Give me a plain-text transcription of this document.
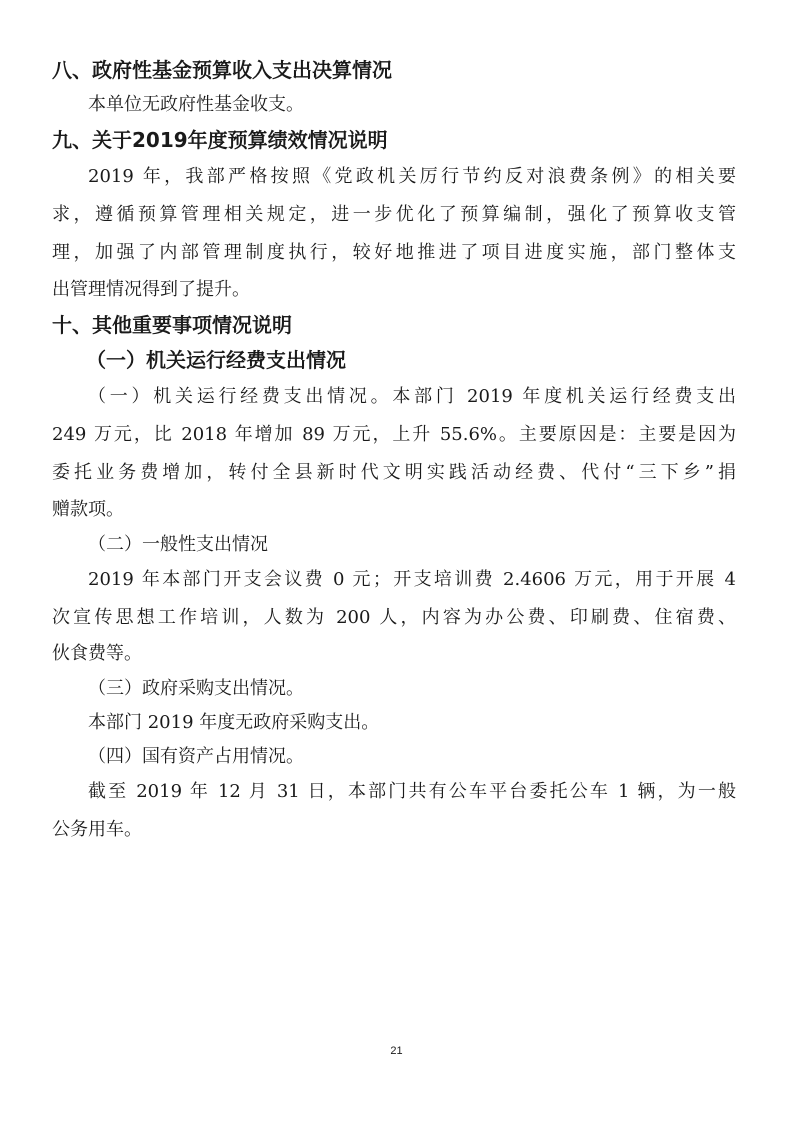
八、政府性基金预算收入支出决算情况
本单位无政府性基金收支。
九、关于2019年度预算绩效情况说明
2019 年，我部严格按照《党政机关厉行节约反对浪费条例》的相关要
求，遵循预算管理相关规定，进一步优化了预算编制，强化了预算收支管
理，加强了内部管理制度执行，较好地推进了项目进度实施，部门整体支
出管理情况得到了提升。
十、其他重要事项情况说明
（一）机关运行经费支出情况
（一）机关运行经费支出情况。本部门 2019 年度机关运行经费支出
249 万元，比 2018 年增加 89 万元，上升 55.6%。主要原因是：主要是因为
委托业务费增加，转付全县新时代文明实践活动经费、代付“三下乡”捐
赠款项。
（二）一般性支出情况
2019 年本部门开支会议费 0 元；开支培训费 2.4606 万元，用于开展 4
次宣传思想工作培训，人数为 200 人，内容为办公费、印刷费、住宿费、
伙食费等。
（三）政府采购支出情况。
本部门 2019 年度无政府采购支出。
（四）国有资产占用情况。
截至 2019 年 12 月 31 日，本部门共有公车平台委托公车 1 辆，为一般
公务用车。
21
